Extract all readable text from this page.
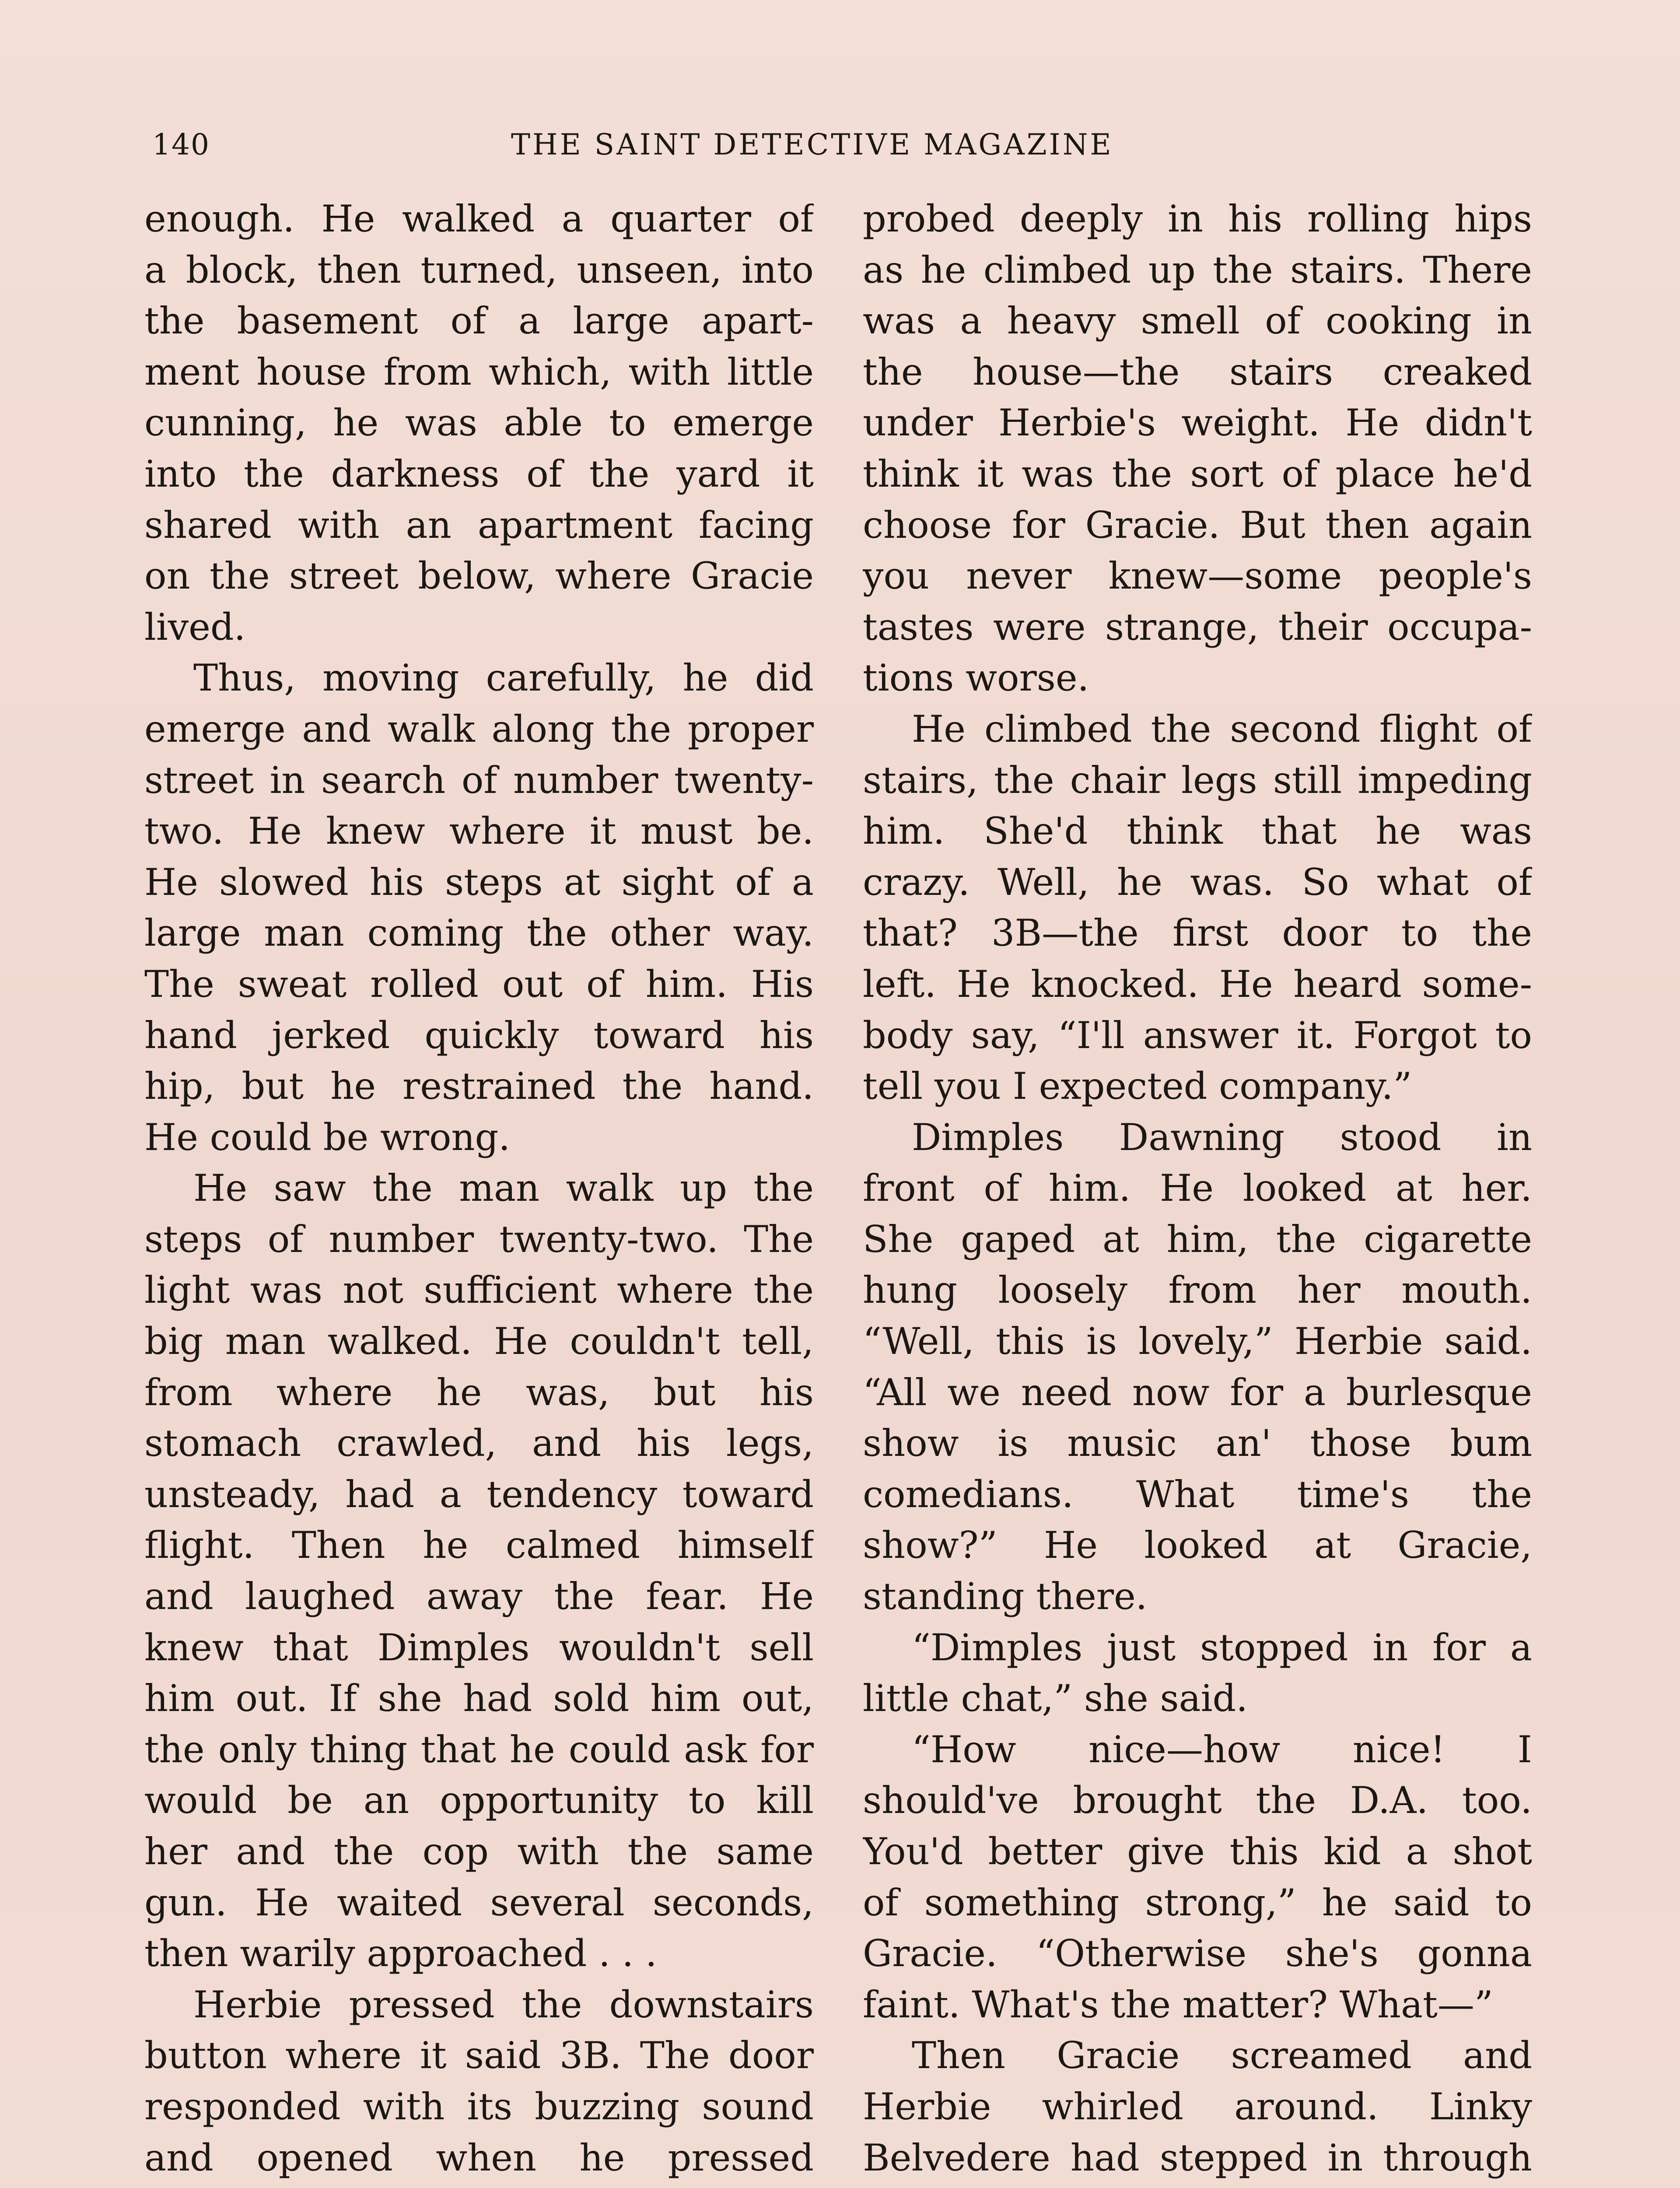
140	THE SAINT DETECTIVE MAGAZINE
enough. He walked a quarter of
a block, then turned, unseen, into
the basement of a large apart-
ment house from which, with little
cunning, he was able to emerge
into the darkness of the yard it
shared with an apartment facing
on the street below, where Gracie
lived.
Thus, moving carefully, he did
emerge and walk along the proper
street in search of number twenty-
two. He knew where it must be.
He slowed his steps at sight of a
large man coming the other way.
The sweat rolled out of him. His
hand jerked quickly toward his
hip, but he restrained the hand.
He could be wrong.
He saw the man walk up the
steps of number twenty-two. The
light was not sufficient where the
big man walked. He couldn't tell,
from where he was, but his
stomach crawled, and his legs,
unsteady, had a tendency toward
flight. Then he calmed himself
and laughed away the fear. He
knew that Dimples wouldn't sell
him out. If she had sold him out,
the only thing that he could ask for
would be an opportunity to kill
her and the cop with the same
gun. He waited several seconds,
then warily approached . . .
Herbie pressed the downstairs
button where it said 3B. The door
responded with its buzzing sound
and opened when he pressed
probed deeply in his rolling hips
as he climbed up the stairs. There
was a heavy smell of cooking in
the house—the stairs creaked
under Herbie's weight. He didn't
think it was the sort of place he'd
choose for Gracie. But then again
you never knew—some people's
tastes were strange, their occupa-
tions worse.
He climbed the second flight of
stairs, the chair legs still impeding
him. She'd think that he was
crazy. Well, he was. So what of
that? 3B—the first door to the
left. He knocked. He heard some-
body say, “I'll answer it. Forgot to
tell you I expected company.”
Dimples Dawning stood in
front of him. He looked at her.
She gaped at him, the cigarette
hung loosely from her mouth.
“Well, this is lovely,” Herbie said.
“All we need now for a burlesque
show is music an' those bum
comedians. What time's the
show?” He looked at Gracie,
standing there.
“Dimples just stopped in for a
little chat,” she said.
“How nice—how nice! I
should've brought the D.A. too.
You'd better give this kid a shot
of something strong,” he said to
Gracie. “Otherwise she's gonna
faint. What's the matter? What—”
Then Gracie screamed and
Herbie whirled around. Linky
Belvedere had stepped in through
